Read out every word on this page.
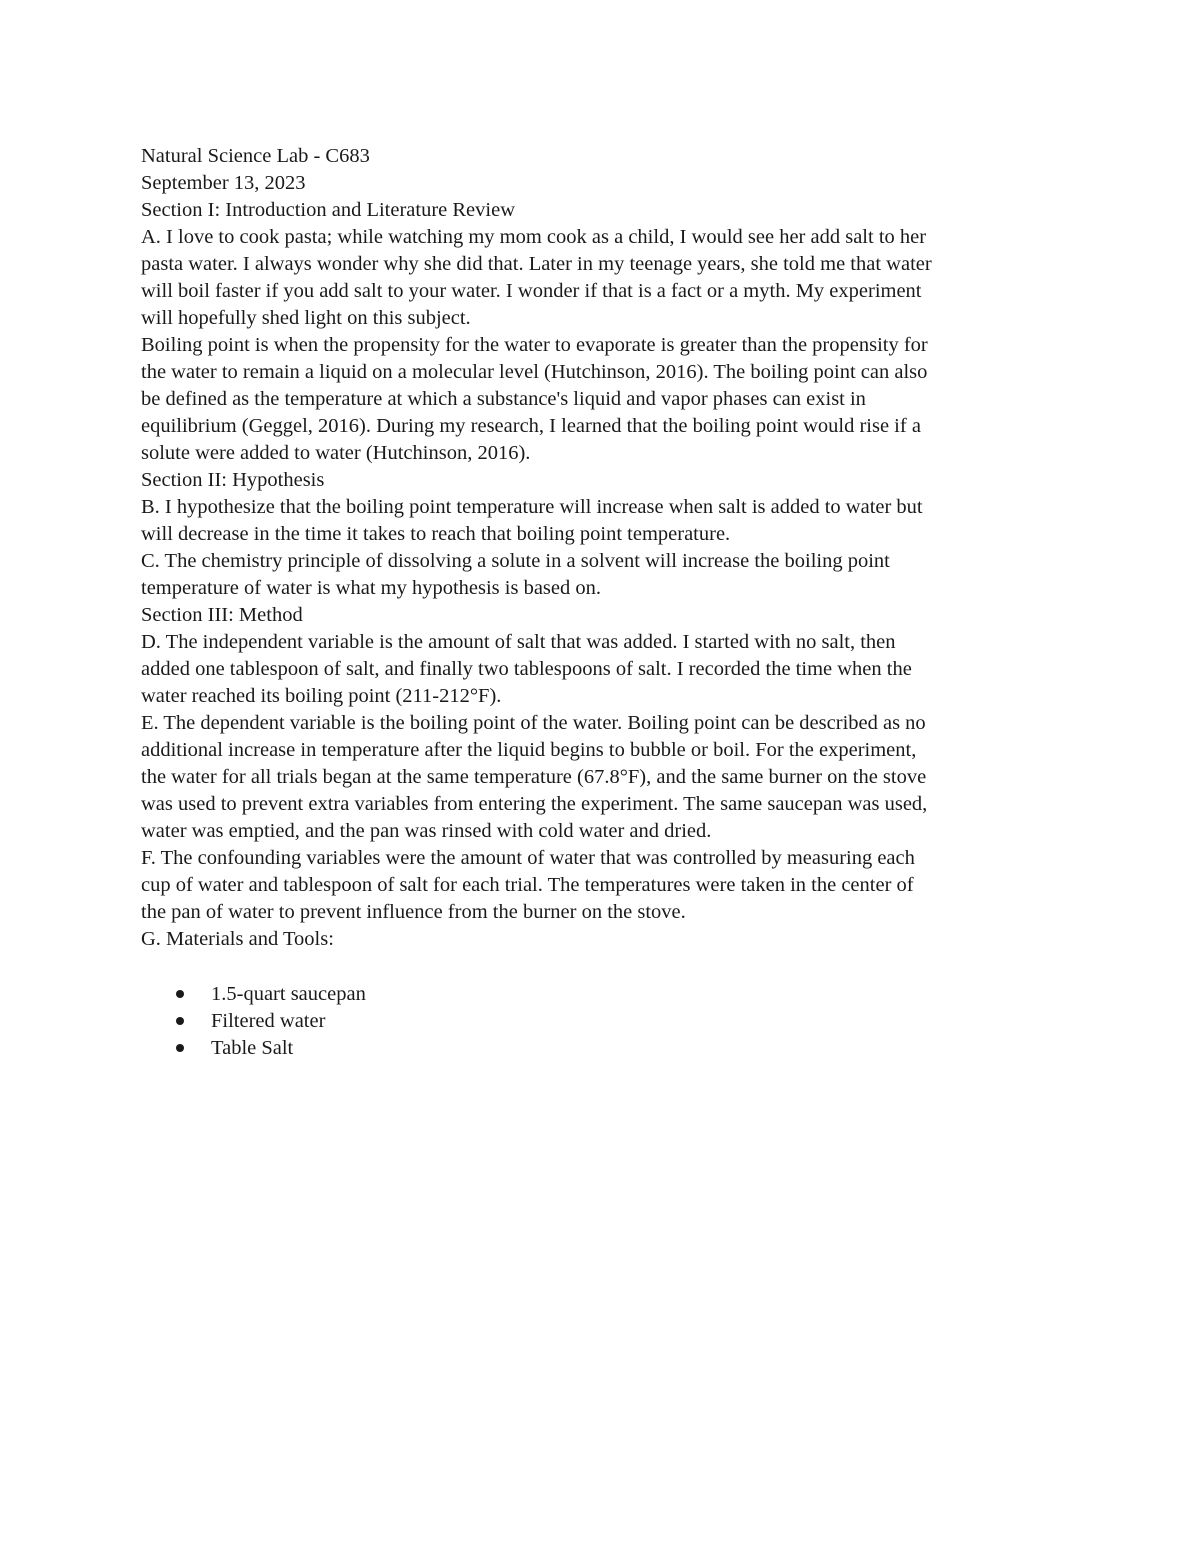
Natural Science Lab - C683

September 13, 2023

Section I: Introduction and Literature Review

A. I love to cook pasta; while watching my mom cook as a child, I would see her add salt to her
pasta water. I always wonder why she did that. Later in my teenage years, she told me that water
will boil faster if you add salt to your water. I wonder if that is a fact or a myth. My experiment
will hopefully shed light on this subject.

Boiling point is when the propensity for the water to evaporate is greater than the propensity for
the water to remain a liquid on a molecular level (Hutchinson, 2016). The boiling point can also
be defined as the temperature at which a substance's liquid and vapor phases can exist in
equilibrium (Geggel, 2016). During my research, I learned that the boiling point would rise if a
solute were added to water (Hutchinson, 2016).

Section II: Hypothesis

B. I hypothesize that the boiling point temperature will increase when salt is added to water but
will decrease in the time it takes to reach that boiling point temperature.

C. The chemistry principle of dissolving a solute in a solvent will increase the boiling point
temperature of water is what my hypothesis is based on.

Section III: Method

D. The independent variable is the amount of salt that was added. I started with no salt, then
added one tablespoon of salt, and finally two tablespoons of salt. I recorded the time when the
water reached its boiling point (211-212°F).

E. The dependent variable is the boiling point of the water. Boiling point can be described as no
additional increase in temperature after the liquid begins to bubble or boil. For the experiment,
the water for all trials began at the same temperature (67.8°F), and the same burner on the stove
was used to prevent extra variables from entering the experiment. The same saucepan was used,
water was emptied, and the pan was rinsed with cold water and dried.

F. The confounding variables were the amount of water that was controlled by measuring each
cup of water and tablespoon of salt for each trial. The temperatures were taken in the center of
the pan of water to prevent influence from the burner on the stove.

G. Materials and Tools:

1.5-quart saucepan
Filtered water
Table Salt
